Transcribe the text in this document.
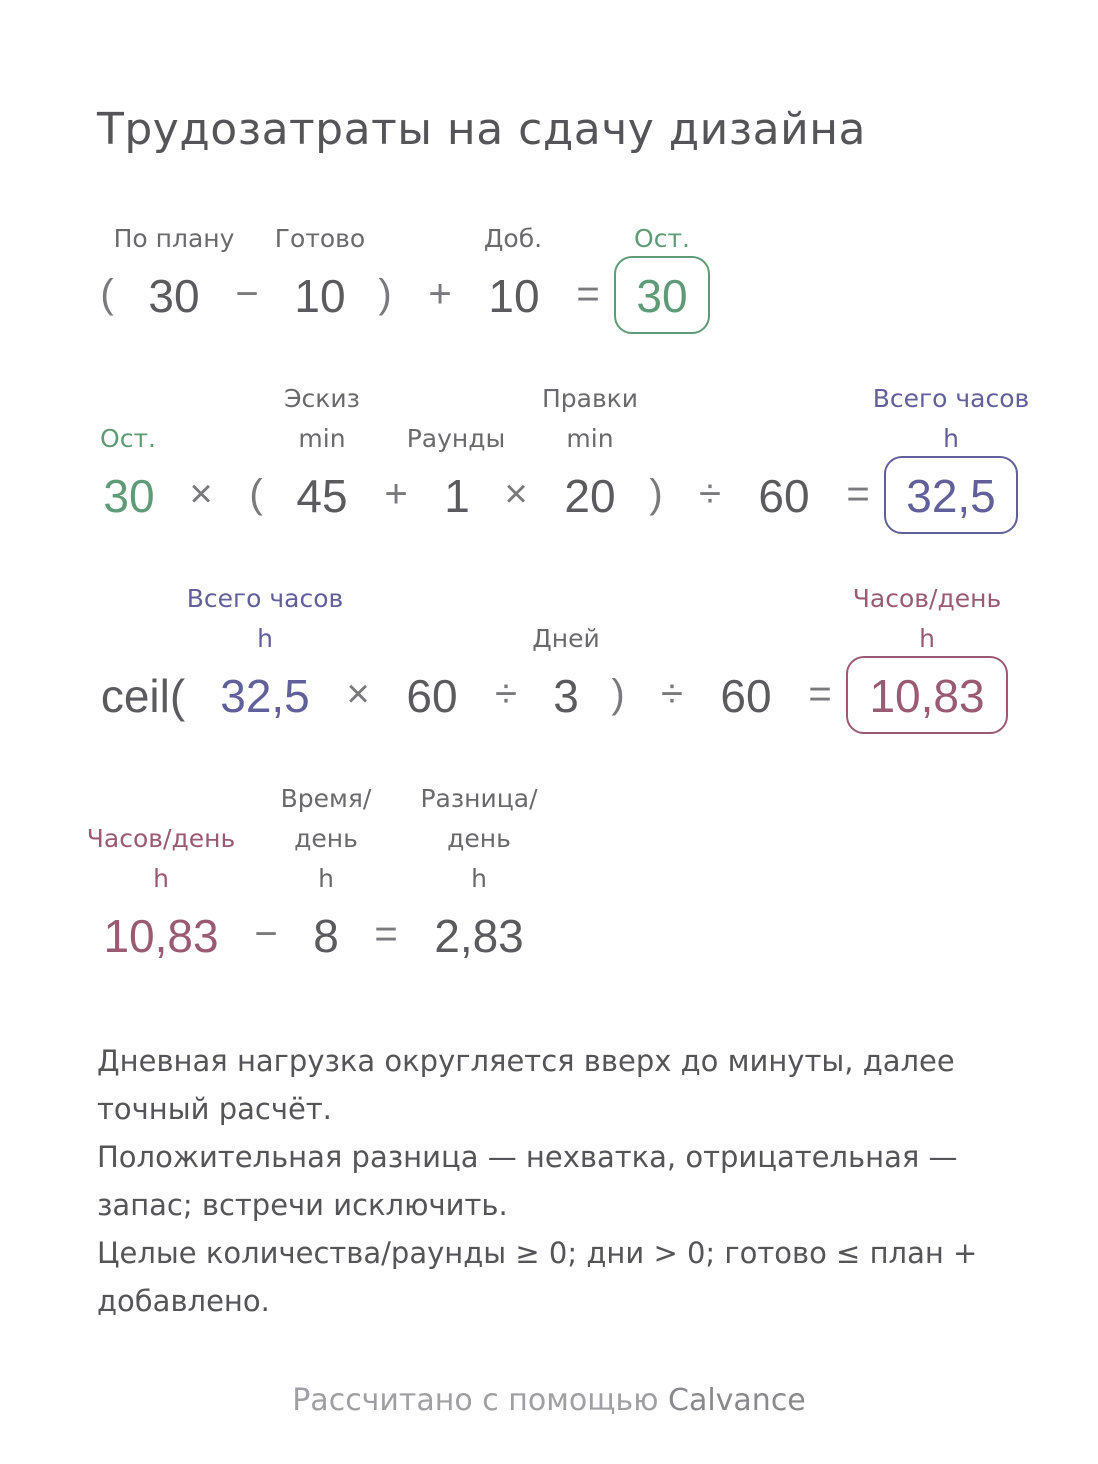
Трудозатраты на сдачу дизайна
По плану Готово	Доб.	Ост.
( 30 − 10 ) + 10 = 30
Эскиз	Правки	Всего часов
Ост.	min Раунды min	h
30 × ( 45 + 1 × 20 ) ÷ 60 = 32,5
Всего часов	Часов/день
h	Дней	h
ceil( 32,5 × 60 ÷ 3 ) ÷ 60 = 10,83
Время/ Разница/
Часов/день день	день
h	h	h
10,83 − 8 = 2,83
Дневная нагрузка округляется вверх до минуты, далее точный расчёт.
Положительная разница — нехватка, отрицательная — запас; встречи исключить.
Целые количества/раунды ≥ 0; дни > 0; готово ≤ план + добавлено.
Рассчитано с помощью Calvance
